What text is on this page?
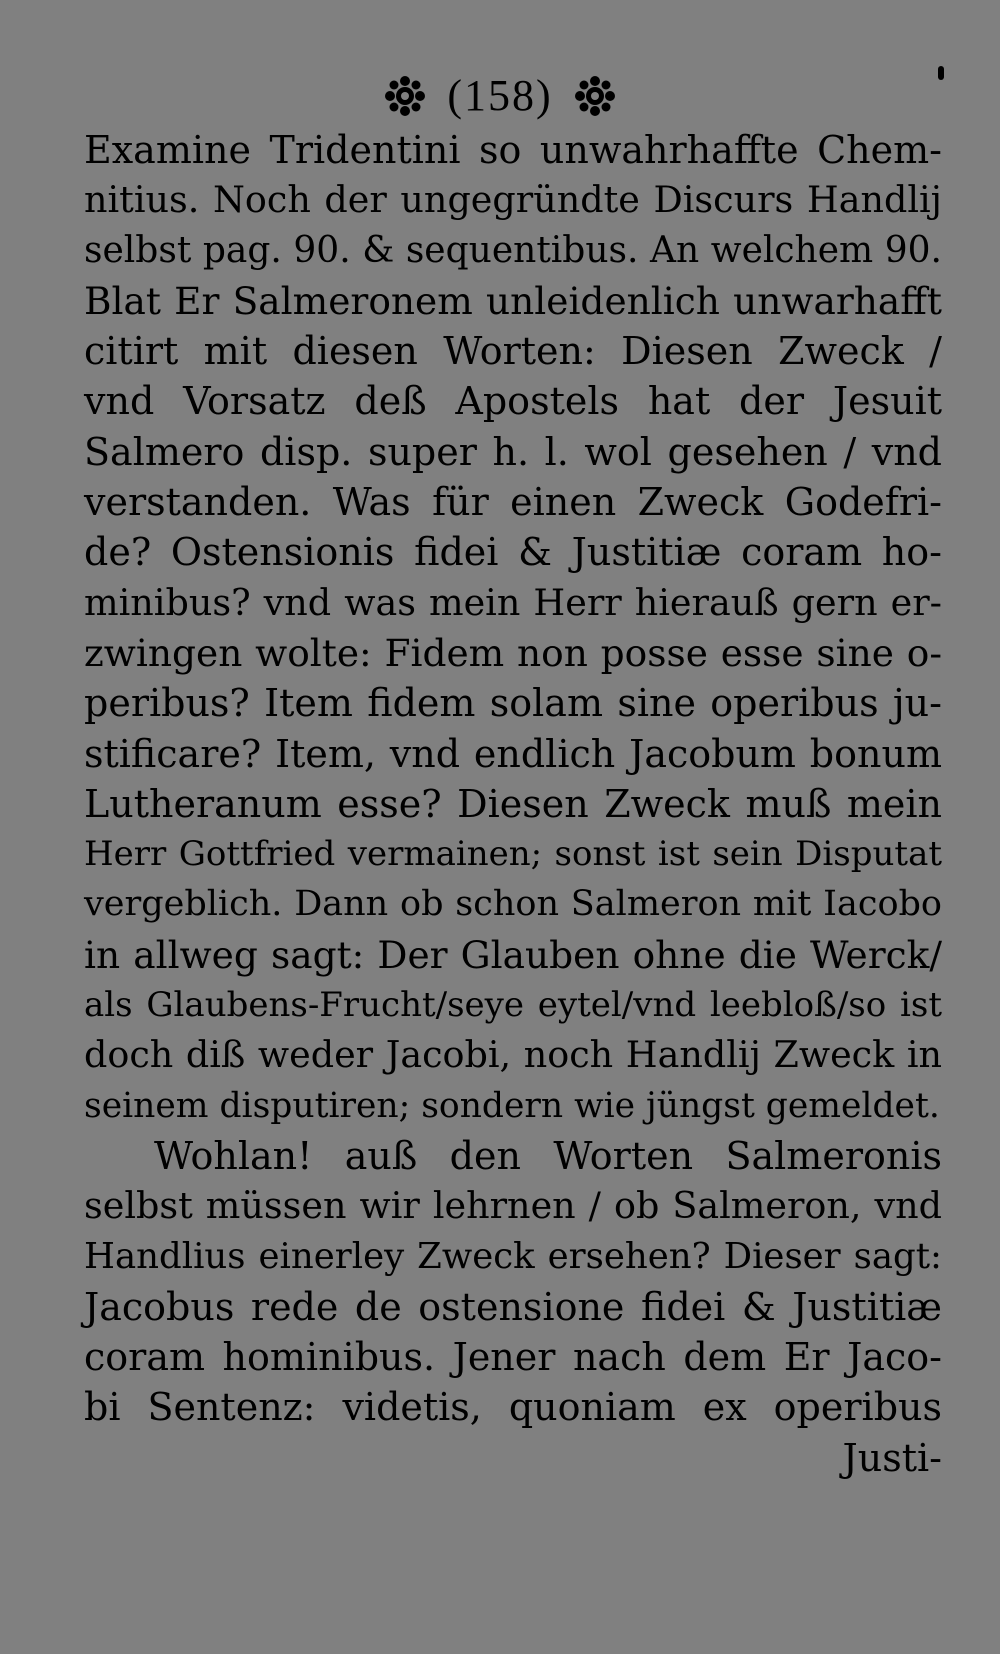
(158)
Examine Tridentini so unwahrhaffte Chem-
nitius. Noch der ungegründte Discurs Handlij
selbst pag. 90. & sequentibus. An welchem 90.
Blat Er Salmeronem unleidenlich unwarhafft
citirt mit diesen Worten: Diesen Zweck /
vnd Vorsatz deß Apostels hat der Jesuit
Salmero disp. super h. l. wol gesehen / vnd
verstanden. Was für einen Zweck Godefri-
de? Ostensionis fidei & Justitiæ coram ho-
minibus? vnd was mein Herr hierauß gern er-
zwingen wolte: Fidem non posse esse sine o-
peribus? Item fidem solam sine operibus ju-
stificare? Item, vnd endlich Jacobum bonum
Lutheranum esse? Diesen Zweck muß mein
Herr Gottfried vermainen; sonst ist sein Disputat
vergeblich. Dann ob schon Salmeron mit Iacobo
in allweg sagt: Der Glauben ohne die Werck/
als Glaubens-Frucht/seye eytel/vnd leebloß/so ist
doch diß weder Jacobi, noch Handlij Zweck in
seinem disputiren; sondern wie jüngst gemeldet.
Wohlan! auß den Worten Salmeronis
selbst müssen wir lehrnen / ob Salmeron, vnd
Handlius einerley Zweck ersehen? Dieser sagt:
Jacobus rede de ostensione fidei & Justitiæ
coram hominibus. Jener nach dem Er Jaco-
bi Sentenz: videtis, quoniam ex operibus
Justi-
